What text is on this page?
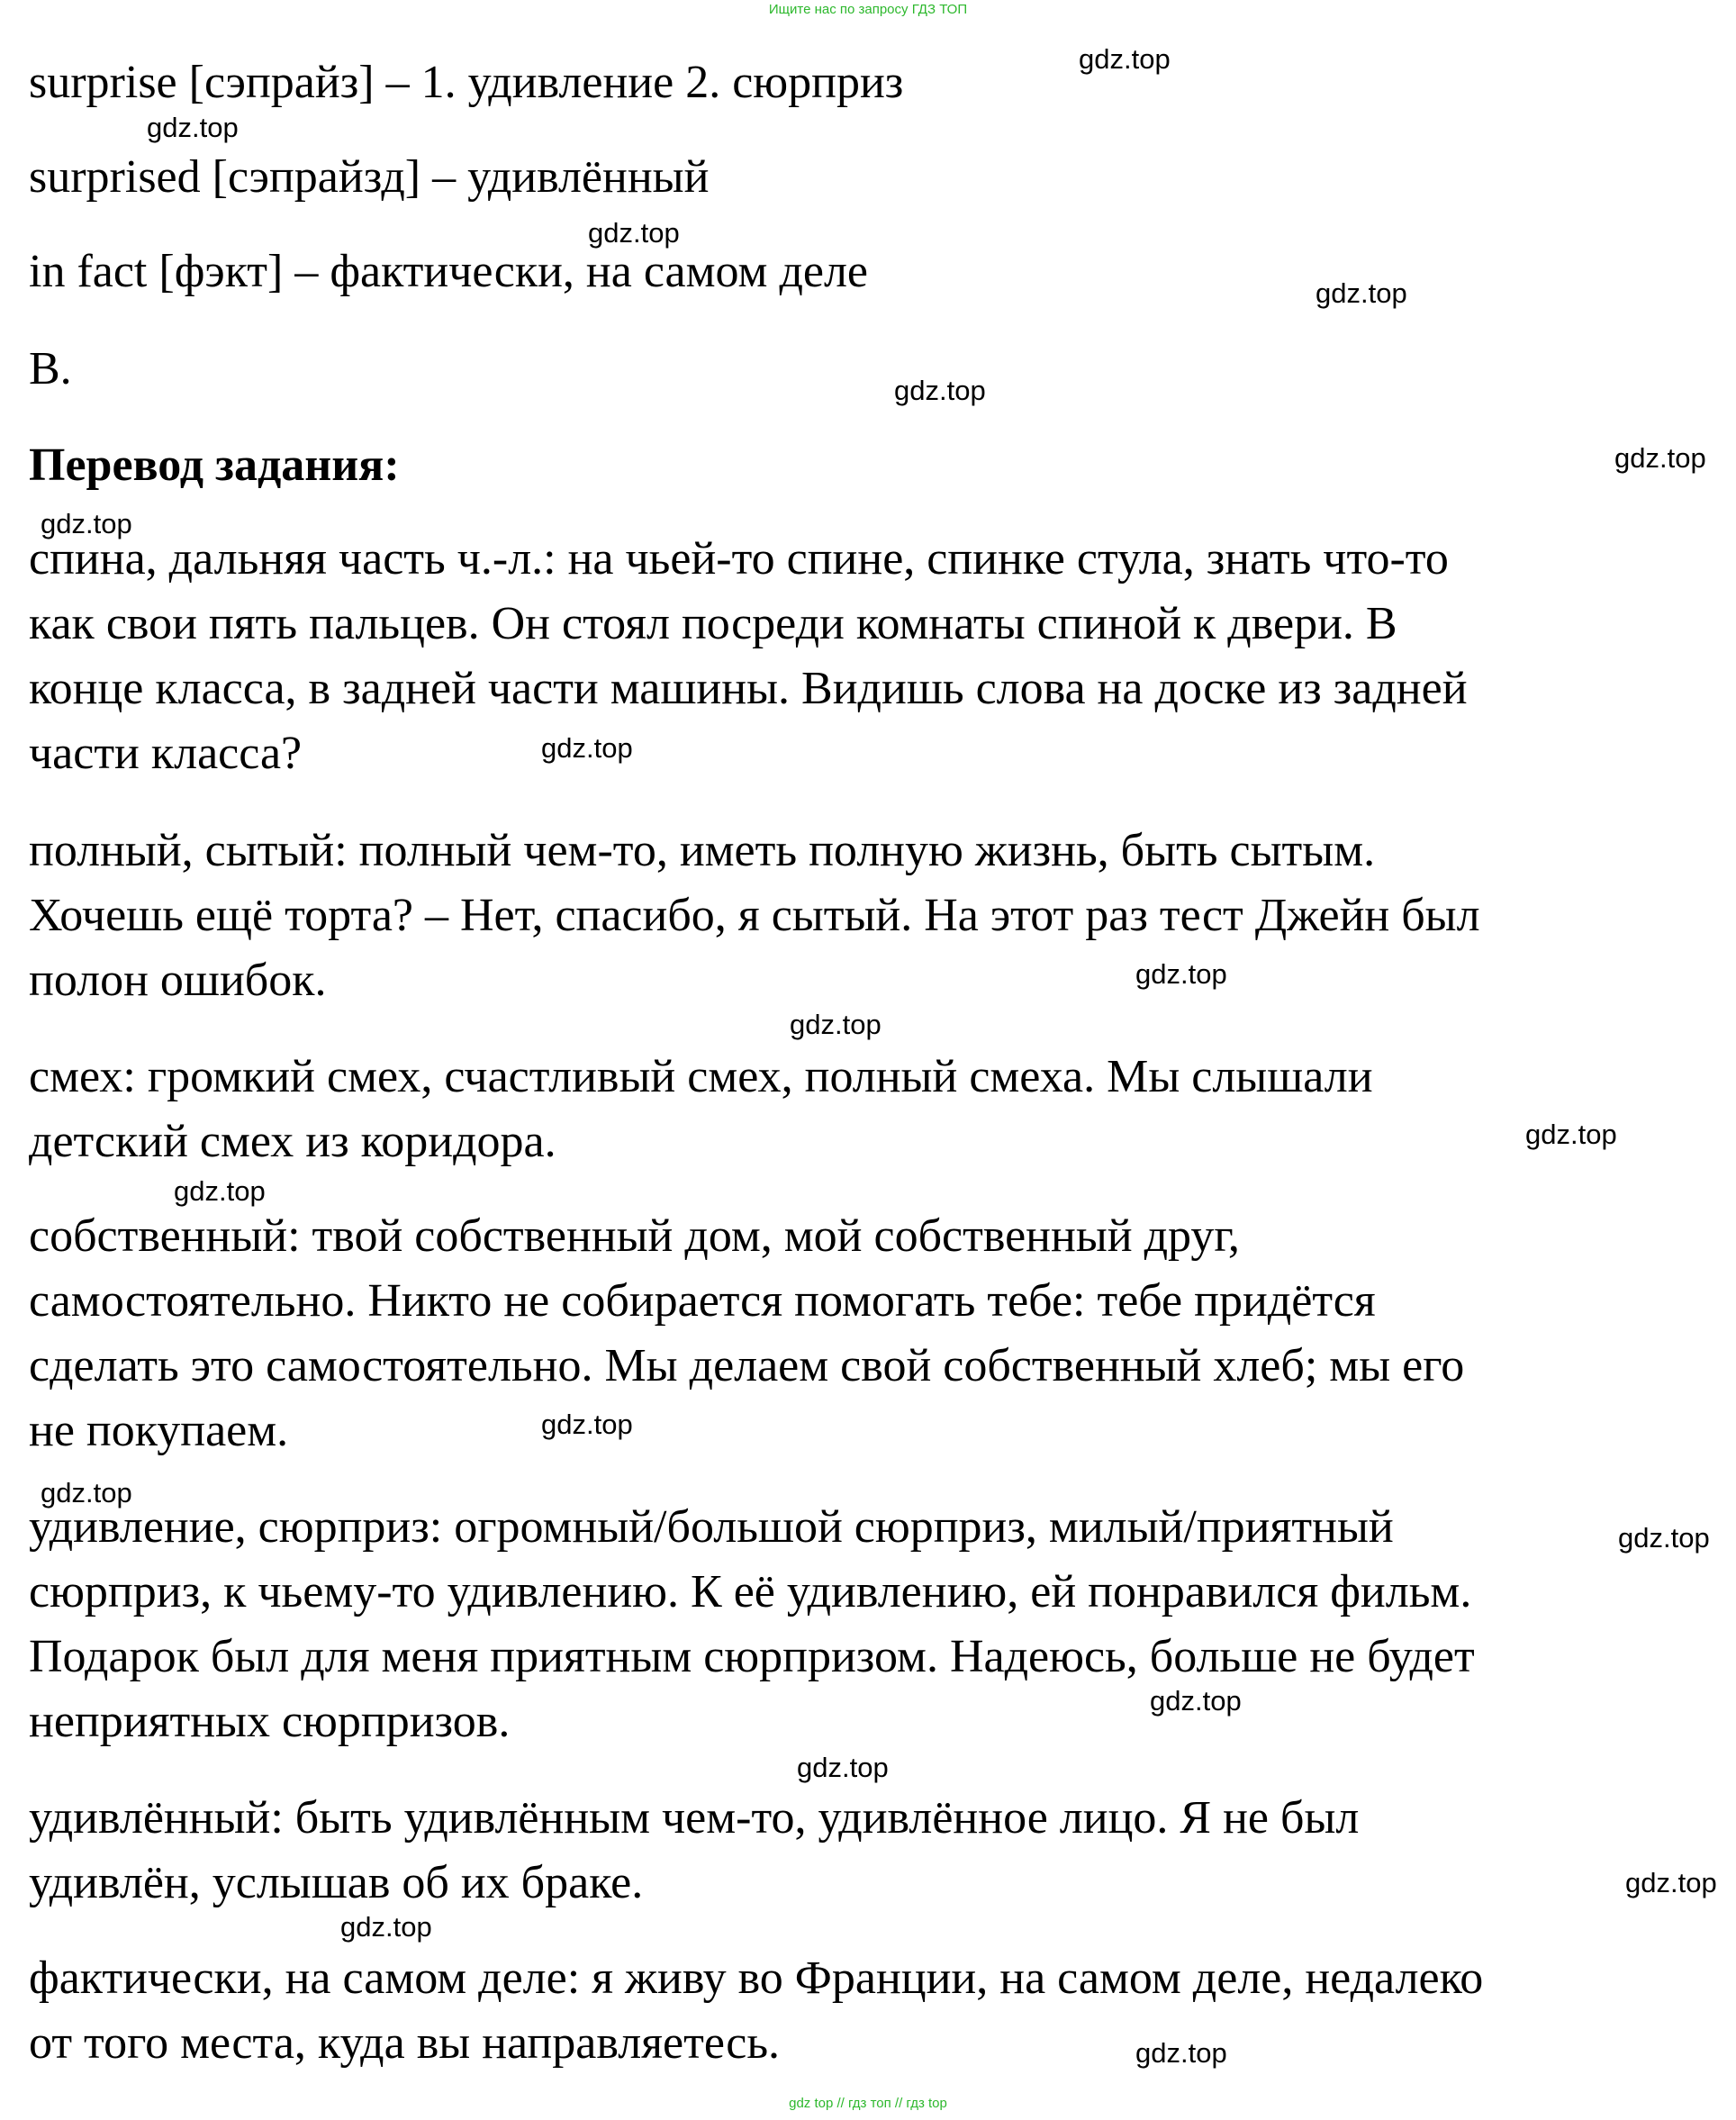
Ищите нас по запросу ГДЗ ТОП

surprise [сэпрайз] – 1. удивление 2. сюрприз

surprised [сэпрайзд] – удивлённый

in fact [фэкт] – фактически, на самом деле

B.

Перевод задания:

спина, дальняя часть ч.-л.: на чьей-то спине, спинке стула, знать что-то

как свои пять пальцев. Он стоял посреди комнаты спиной к двери. В

конце класса, в задней части машины. Видишь слова на доске из задней

части класса?

полный, сытый: полный чем-то, иметь полную жизнь, быть сытым.

Хочешь ещё торта? – Нет, спасибо, я сытый. На этот раз тест Джейн был

полон ошибок.

смех: громкий смех, счастливый смех, полный смеха. Мы слышали

детский смех из коридора.

собственный: твой собственный дом, мой собственный друг,

самостоятельно. Никто не собирается помогать тебе: тебе придётся

сделать это самостоятельно. Мы делаем свой собственный хлеб; мы его

не покупаем.

удивление, сюрприз: огромный/большой сюрприз, милый/приятный

сюрприз, к чьему-то удивлению. К её удивлению, ей понравился фильм.

Подарок был для меня приятным сюрпризом. Надеюсь, больше не будет

неприятных сюрпризов.

удивлённый: быть удивлённым чем-то, удивлённое лицо. Я не был

удивлён, услышав об их браке.

фактически, на самом деле: я живу во Франции, на самом деле, недалеко

от того места, куда вы направляетесь.

gdz.top
gdz.top
gdz.top
gdz.top
gdz.top
gdz.top
gdz.top
gdz.top
gdz.top
gdz.top
gdz.top
gdz.top
gdz.top
gdz.top
gdz.top
gdz.top
gdz.top
gdz.top
gdz.top
gdz.top
gdz top // гдз топ // гдз top
